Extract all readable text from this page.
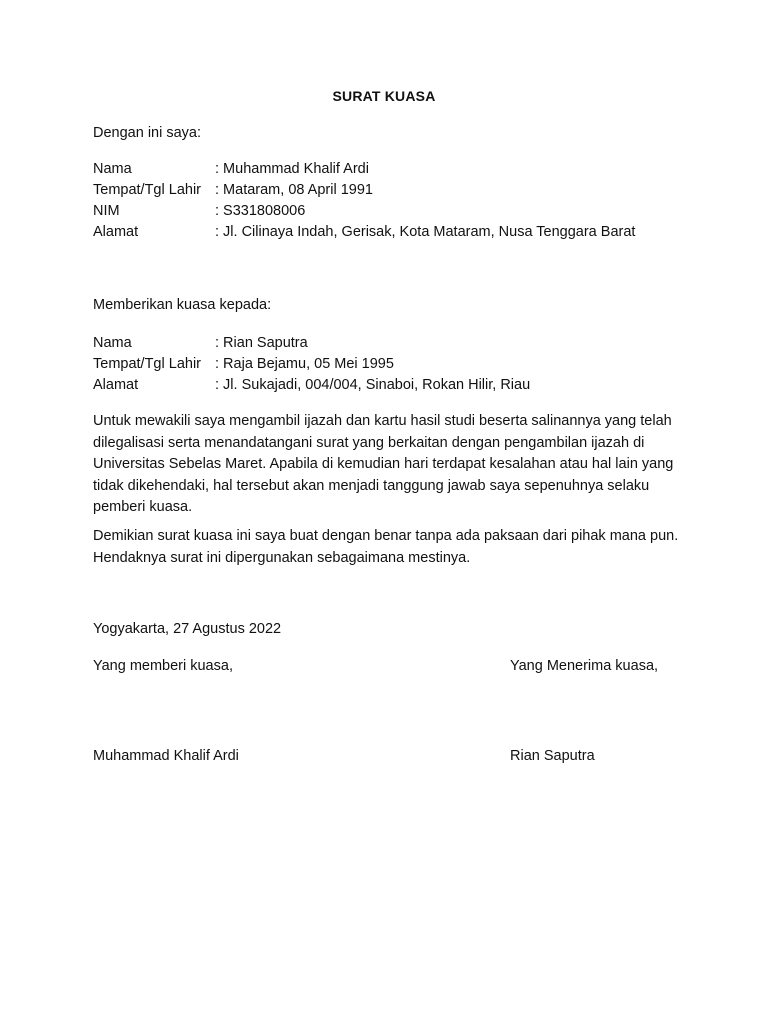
SURAT KUASA
Dengan ini saya:
Nama	: Muhammad Khalif Ardi
Tempat/Tgl Lahir : Mataram, 08 April 1991
NIM	: S331808006
Alamat	: Jl. Cilinaya Indah, Gerisak, Kota Mataram, Nusa Tenggara Barat
Memberikan kuasa kepada:
Nama	: Rian Saputra
Tempat/Tgl Lahir : Raja Bejamu, 05 Mei 1995
Alamat	: Jl. Sukajadi, 004/004, Sinaboi, Rokan Hilir, Riau
Untuk mewakili saya mengambil ijazah dan kartu hasil studi beserta salinannya yang telah dilegalisasi serta menandatangani surat yang berkaitan dengan pengambilan ijazah di Universitas Sebelas Maret. Apabila di kemudian hari terdapat kesalahan atau hal lain yang tidak dikehendaki, hal tersebut akan menjadi tanggung jawab saya sepenuhnya selaku pemberi kuasa.
Demikian surat kuasa ini saya buat dengan benar tanpa ada paksaan dari pihak mana pun. Hendaknya surat ini dipergunakan sebagaimana mestinya.
Yogyakarta, 27 Agustus 2022
Yang memberi kuasa,	Yang Menerima kuasa,
Muhammad Khalif Ardi	Rian Saputra
